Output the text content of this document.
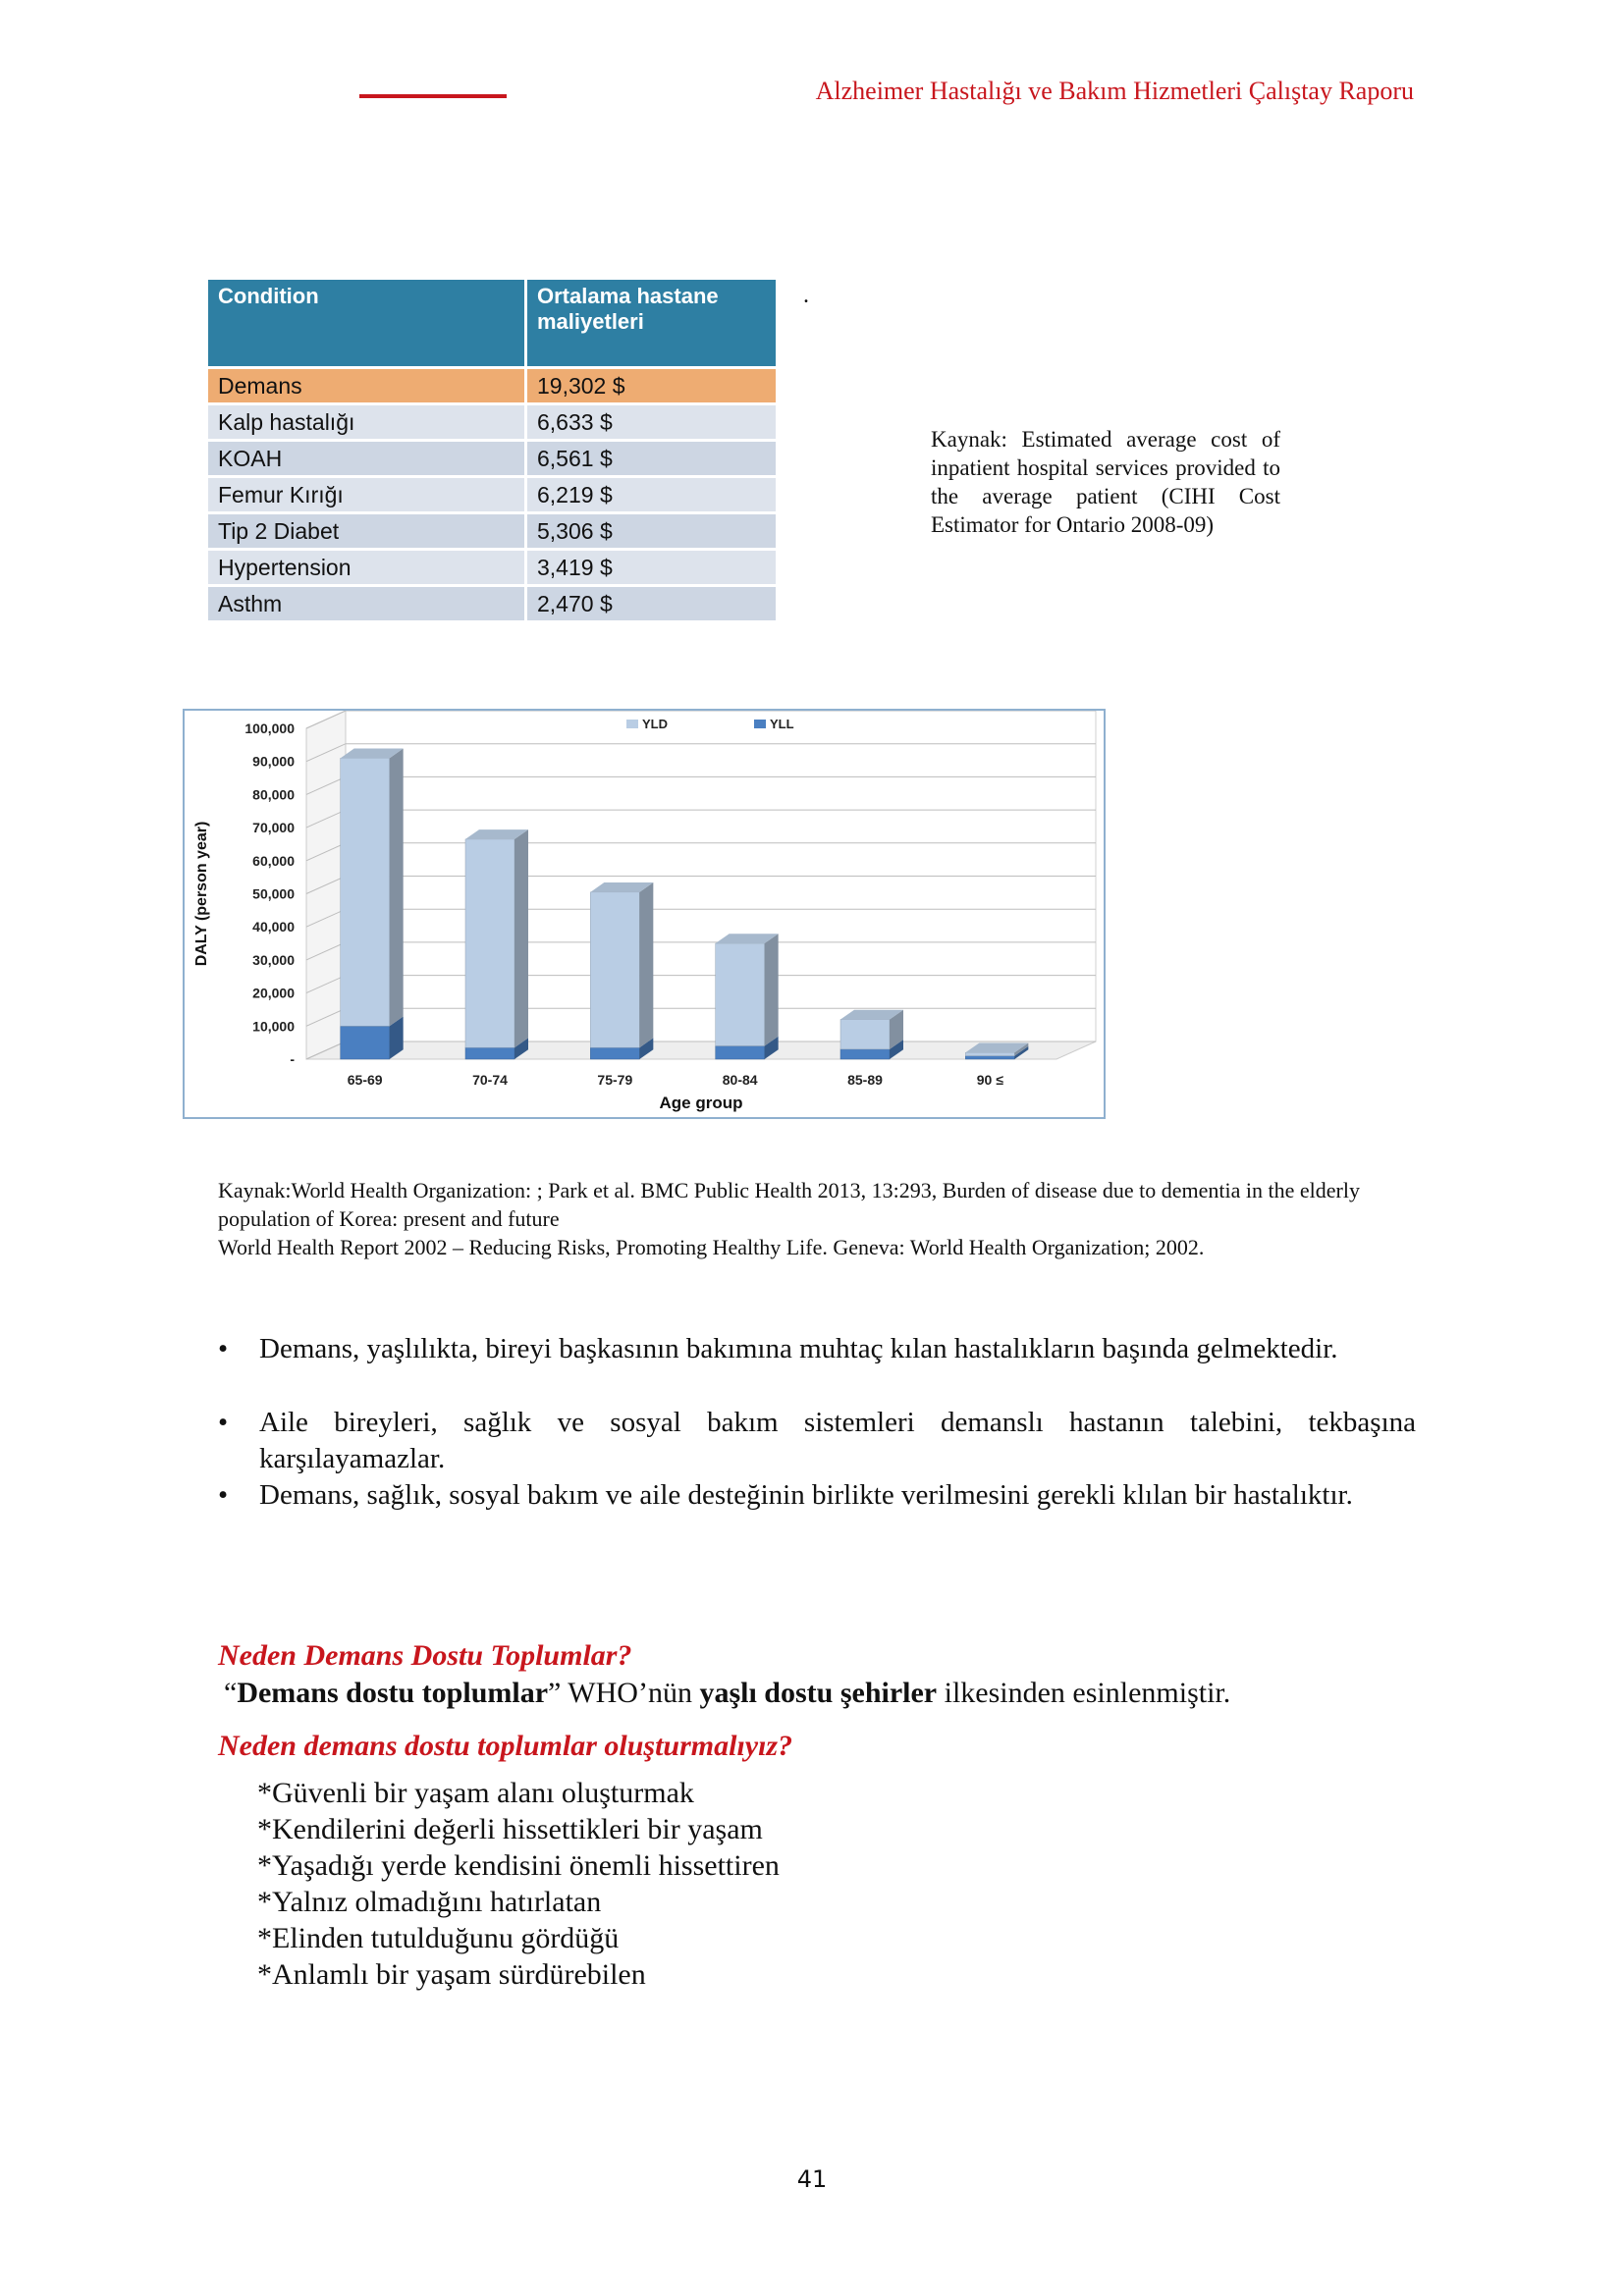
Alzheimer Hastalığı ve Bakım Hizmetleri Çalıştay Raporu
Condition	Ortalama hastane maliyetleri
Demans	19,302 $
Kalp hastalığı	6,633 $
KOAH	6,561 $
Femur Kırığı	6,219 $
Tip 2 Diabet	5,306 $
Hypertension	3,419 $
Asthm	2,470 $
.
Kaynak: Estimated average cost of inpatient hospital services provided to the average patient (CIHI Cost Estimator for Ontario 2008-09)
-
10,000
20,000
30,000
40,000
50,000
60,000
70,000
80,000
90,000
100,000
65-69	70-74	75-79	80-84	85-89	90 ≤
Age group
DALY (person year)
YLD	YLL
Kaynak:World Health Organization: ; Park et al. BMC Public Health 2013, 13:293, Burden of disease due to dementia in the elderly population of Korea: present and future
World Health Report 2002 – Reducing Risks, Promoting Healthy Life. Geneva: World Health Organization; 2002.
• Demans, yaşlılıkta, bireyi başkasının bakımına muhtaç kılan hastalıkların başında gelmektedir.
• Aile bireyleri, sağlık ve sosyal bakım sistemleri demanslı hastanın talebini, tekbaşına karşılayamazlar.
• Demans, sağlık, sosyal bakım ve aile desteğinin birlikte verilmesini gerekli klılan bir hastalıktır.
Neden Demans Dostu Toplumlar?
“Demans dostu toplumlar” WHO’nün yaşlı dostu şehirler ilkesinden esinlenmiştir.
Neden demans dostu toplumlar oluşturmalıyız?
*Güvenli bir yaşam alanı oluşturmak
*Kendilerini değerli hissettikleri bir yaşam
*Yaşadığı yerde kendisini önemli hissettiren
*Yalnız olmadığını hatırlatan
*Elinden tutulduğunu gördüğü
*Anlamlı bir yaşam sürdürebilen
41
